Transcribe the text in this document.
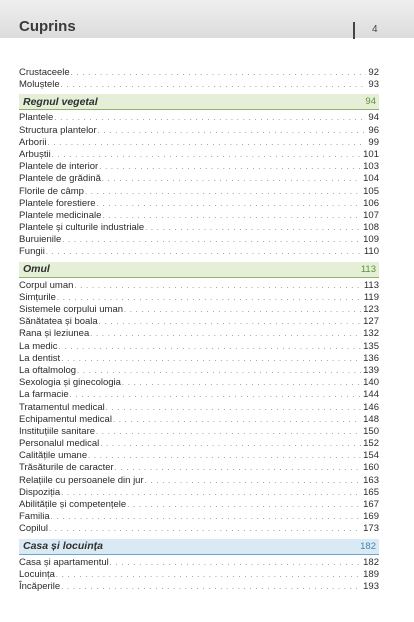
Cuprins	4
Crustaceele . . .	92
Moluștele . . .	93
Regnul vegetal	94
Plantele . . .	94
Structura plantelor . . .	96
Arborii . . .	99
Arbuștii . . .	101
Plantele de interior . . .	103
Plantele de grădină . . .	104
Florile de câmp . . .	105
Plantele forestiere . . .	106
Plantele medicinale . . .	107
Plantele și culturile industriale . . .	108
Buruienile . . .	109
Fungii . . .	110
Omul	113
Corpul uman . . .	113
Simțurile . . .	119
Sistemele corpului uman . . .	123
Sănătatea și boala . . .	127
Rana și leziunea . . .	132
La medic . . .	135
La dentist . . .	136
La oftalmolog . . .	139
Sexologia și ginecologia . . .	140
La farmacie . . .	144
Tratamentul medical . . .	146
Echipamentul medical . . .	148
Instituțiile sanitare . . .	150
Personalul medical . . .	152
Calitățile umane . . .	154
Trăsăturile de caracter . . .	160
Relațiile cu persoanele din jur . . .	163
Dispoziția . . .	165
Abilitățile și competențele . . .	167
Familia . . .	169
Copilul . . .	173
Casa și locuința	182
Casa și apartamentul . . .	182
Locuința . . .	189
Încăperile . . .	193
